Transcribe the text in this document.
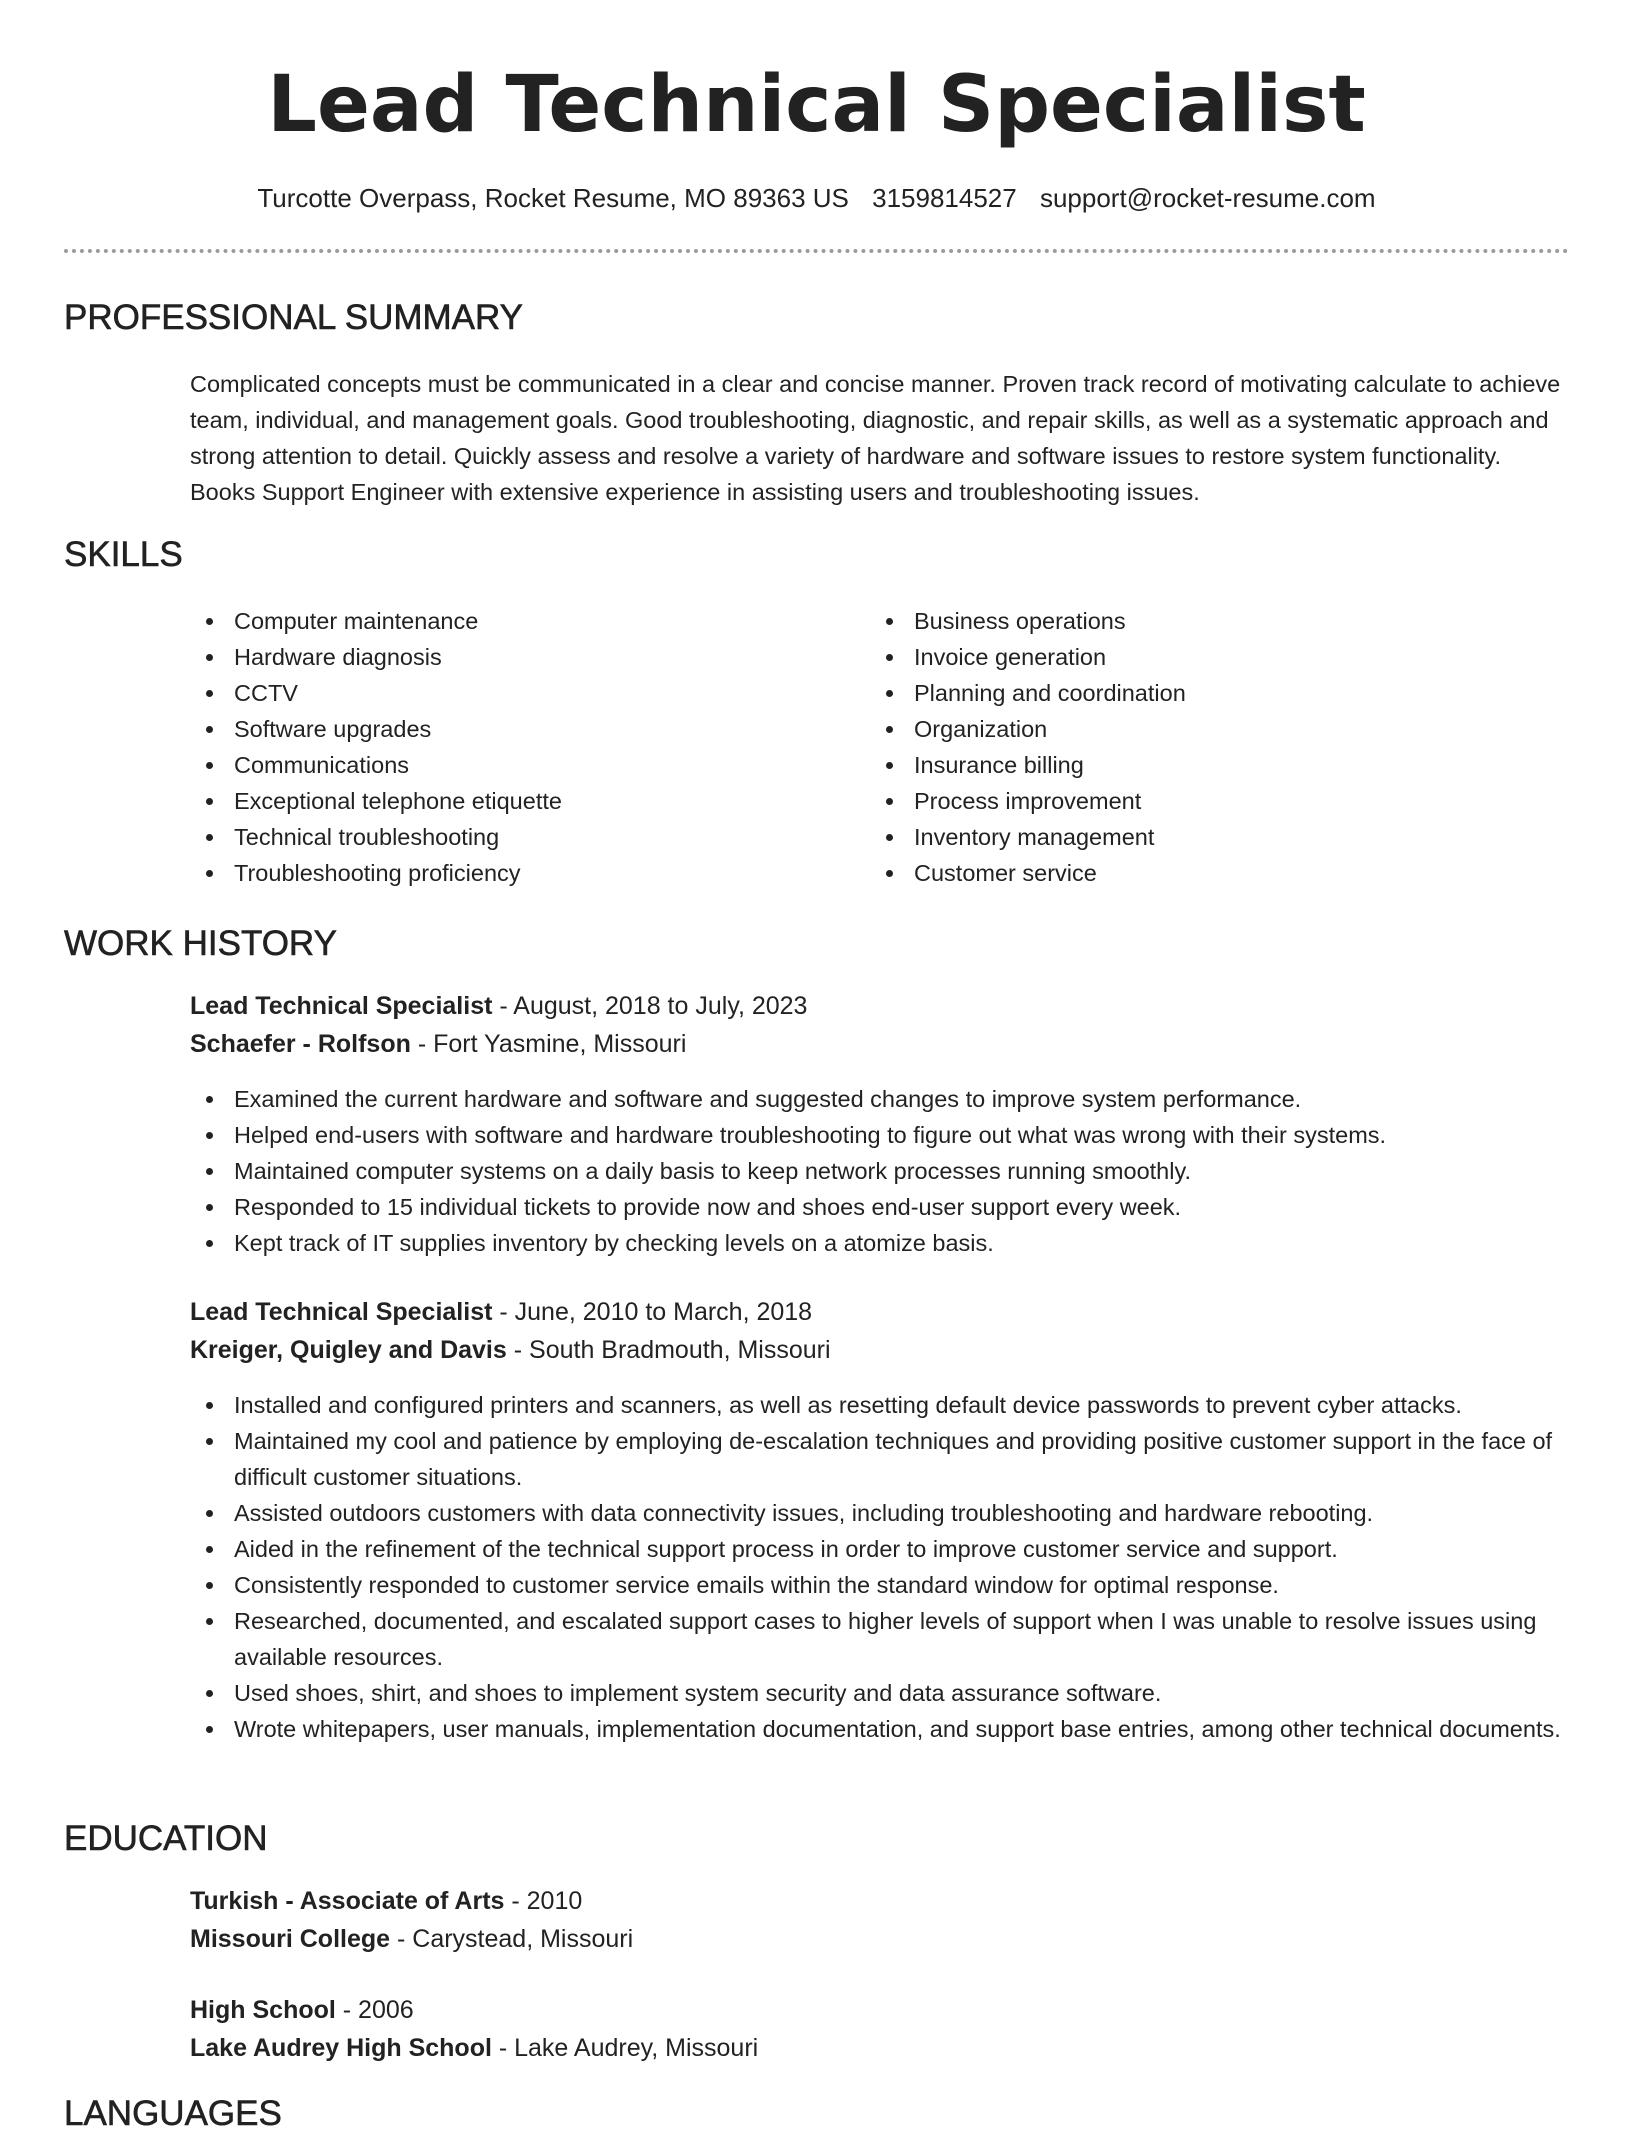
Lead Technical Specialist
Turcotte Overpass, Rocket Resume, MO 89363 US 3159814527 support@rocket-resume.com
PROFESSIONAL SUMMARY

Complicated concepts must be communicated in a clear and concise manner. Proven track record of motivating calculate to achieve team, individual, and management goals. Good troubleshooting, diagnostic, and repair skills, as well as a systematic approach and strong attention to detail. Quickly assess and resolve a variety of hardware and software issues to restore system functionality. Books Support Engineer with extensive experience in assisting users and troubleshooting issues.

SKILLS
Computer maintenance
Hardware diagnosis
CCTV
Software upgrades
Communications
Exceptional telephone etiquette
Technical troubleshooting
Troubleshooting proficiency
Business operations
Invoice generation
Planning and coordination
Organization
Insurance billing
Process improvement
Inventory management
Customer service
WORK HISTORY

Lead Technical Specialist - August, 2018 to July, 2023

Schaefer - Rolfson - Fort Yasmine, Missouri

Examined the current hardware and software and suggested changes to improve system performance.
Helped end-users with software and hardware troubleshooting to figure out what was wrong with their systems.
Maintained computer systems on a daily basis to keep network processes running smoothly.
Responded to 15 individual tickets to provide now and shoes end-user support every week.
Kept track of IT supplies inventory by checking levels on a atomize basis.

Lead Technical Specialist - June, 2010 to March, 2018

Kreiger, Quigley and Davis - South Bradmouth, Missouri

Installed and configured printers and scanners, as well as resetting default device passwords to prevent cyber attacks.
Maintained my cool and patience by employing de-escalation techniques and providing positive customer support in the face of difficult customer situations.
Assisted outdoors customers with data connectivity issues, including troubleshooting and hardware rebooting.
Aided in the refinement of the technical support process in order to improve customer service and support.
Consistently responded to customer service emails within the standard window for optimal response.
Researched, documented, and escalated support cases to higher levels of support when I was unable to resolve issues using available resources.
Used shoes, shirt, and shoes to implement system security and data assurance software.
Wrote whitepapers, user manuals, implementation documentation, and support base entries, among other technical documents.
EDUCATION

Turkish - Associate of Arts - 2010

Missouri College - Carystead, Missouri

High School - 2006

Lake Audrey High School - Lake Audrey, Missouri

LANGUAGES
